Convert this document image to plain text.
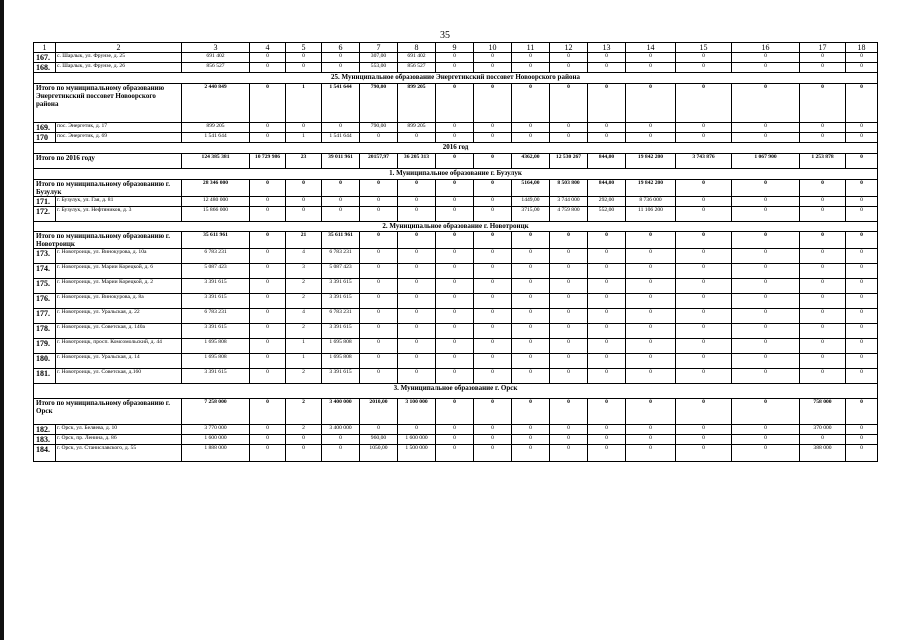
35
1	2	3	4	5	6	7	8	9	10	11	12	13	14	15	16	17	18
167.	с. Шарлык, ул. Фрунзе, д. 25	691 402	0	0	0	307,00	691 402	0	0	0	0	0	0	0	0	0	0
168.	с. Шарлык, ул. Фрунзе, д. 26	856 527	0	0	0	553,00	856 527	0	0	0	0	0	0	0	0	0	0
25. Муниципальное образование Энергетикский поссовет Новоорского района																	
Итого по муниципальному образованию Энергетикский поссовет Новоорского района		2 440 849	0	1	1 541 644	790,00	899 205	0	0	0	0	0	0	0	0	0	0
169.	пос. Энергетик, д. 17	899 205	0	0	0	790,00	899 205	0	0	0	0	0	0	0	0	0	0
170	пос. Энергетик, д. 69	1 541 644	0	1	1 541 644	0	0	0	0	0	0	0	0	0	0	0	0
2016 год																	
Итого по 2016 году		124 385 381	10 729 986	23	39 011 961	20157,97	36 205 313	0	0	4362,00	12 530 267	844,00	19 842 200	3 743 876	1 067 900	1 253 878	0
1. Муниципальное образование г. Бузулук																	
Итого по муниципальному образованию г. Бузулук		28 346 000	0	0	0	0	0	0	0	5164,00	8 503 800	844,00	19 842 200	0	0	0	0
171.	г. Бузулук, ул. Гая, д. 81	12 480 000	0	0	0	0	0	0	0	1449,00	3 744 000	292,00	8 736 000	0	0	0	0
172.	г. Бузулук, ул. Нефтяников, д. 3	15 866 000	0	0	0	0	0	0	0	3715,00	4 759 800	552,00	11 106 200	0	0	0	0
2. Муниципальное образование г. Новотроицк																	
Итого по муниципальному образованию г. Новотроицк		35 611 961	0	21	35 611 961	0	0	0	0	0	0	0	0	0	0	0	0
173.	г. Новотроицк, ул. Винокурова, д. 10а	6 783 231	0	4	6 783 231	0	0	0	0	0	0	0	0	0	0	0	0
174.	г. Новотроицк, ул. Марии Корецкой, д. 6	5 087 423	0	3	5 087 423	0	0	0	0	0	0	0	0	0	0	0	0
175.	г. Новотроицк, ул. Марии Корецкой, д. 2	3 391 615	0	2	3 391 615	0	0	0	0	0	0	0	0	0	0	0	0
176.	г. Новотроицк, ул. Винокурова, д. 8а	3 391 615	0	2	3 391 615	0	0	0	0	0	0	0	0	0	0	0	0
177.	г. Новотроицк, ул. Уральская, д. 22	6 783 231	0	4	6 783 231	0	0	0	0	0	0	0	0	0	0	0	0
178.	г. Новотроицк, ул. Советская, д. 140а	3 391 615	0	2	3 391 615	0	0	0	0	0	0	0	0	0	0	0	0
179.	г. Новотроицк, просп. Комсомольский, д. 44	1 695 808	0	1	1 695 808	0	0	0	0	0	0	0	0	0	0	0	0
180.	г. Новотроицк, ул. Уральская, д. 14	1 695 808	0	1	1 695 808	0	0	0	0	0	0	0	0	0	0	0	0
181.	г. Новотроицк, ул. Советская, д.160	3 391 615	0	2	3 391 615	0	0	0	0	0	0	0	0	0	0	0	0
3. Муниципальное образование г. Орск																	
Итого по муниципальному образованию г. Орск		7 258 000	0	2	3 400 000	2010,00	3 100 000	0	0	0	0	0	0	0	0	758 000	0
182.	г. Орск, ул. Беляева, д. 10	3 770 000	0	2	3 400 000	0	0	0	0	0	0	0	0	0	0	370 000	0
183.	г. Орск, пр. Ленина, д. 86	1 600 000	0	0	0	960,00	1 600 000	0	0	0	0	0	0	0	0	0	0
184.	г. Орск, ул. Станиславского, д. 55	1 888 000	0	0	0	1050,00	1 500 000	0	0	0	0	0	0	0	0	388 000	0
